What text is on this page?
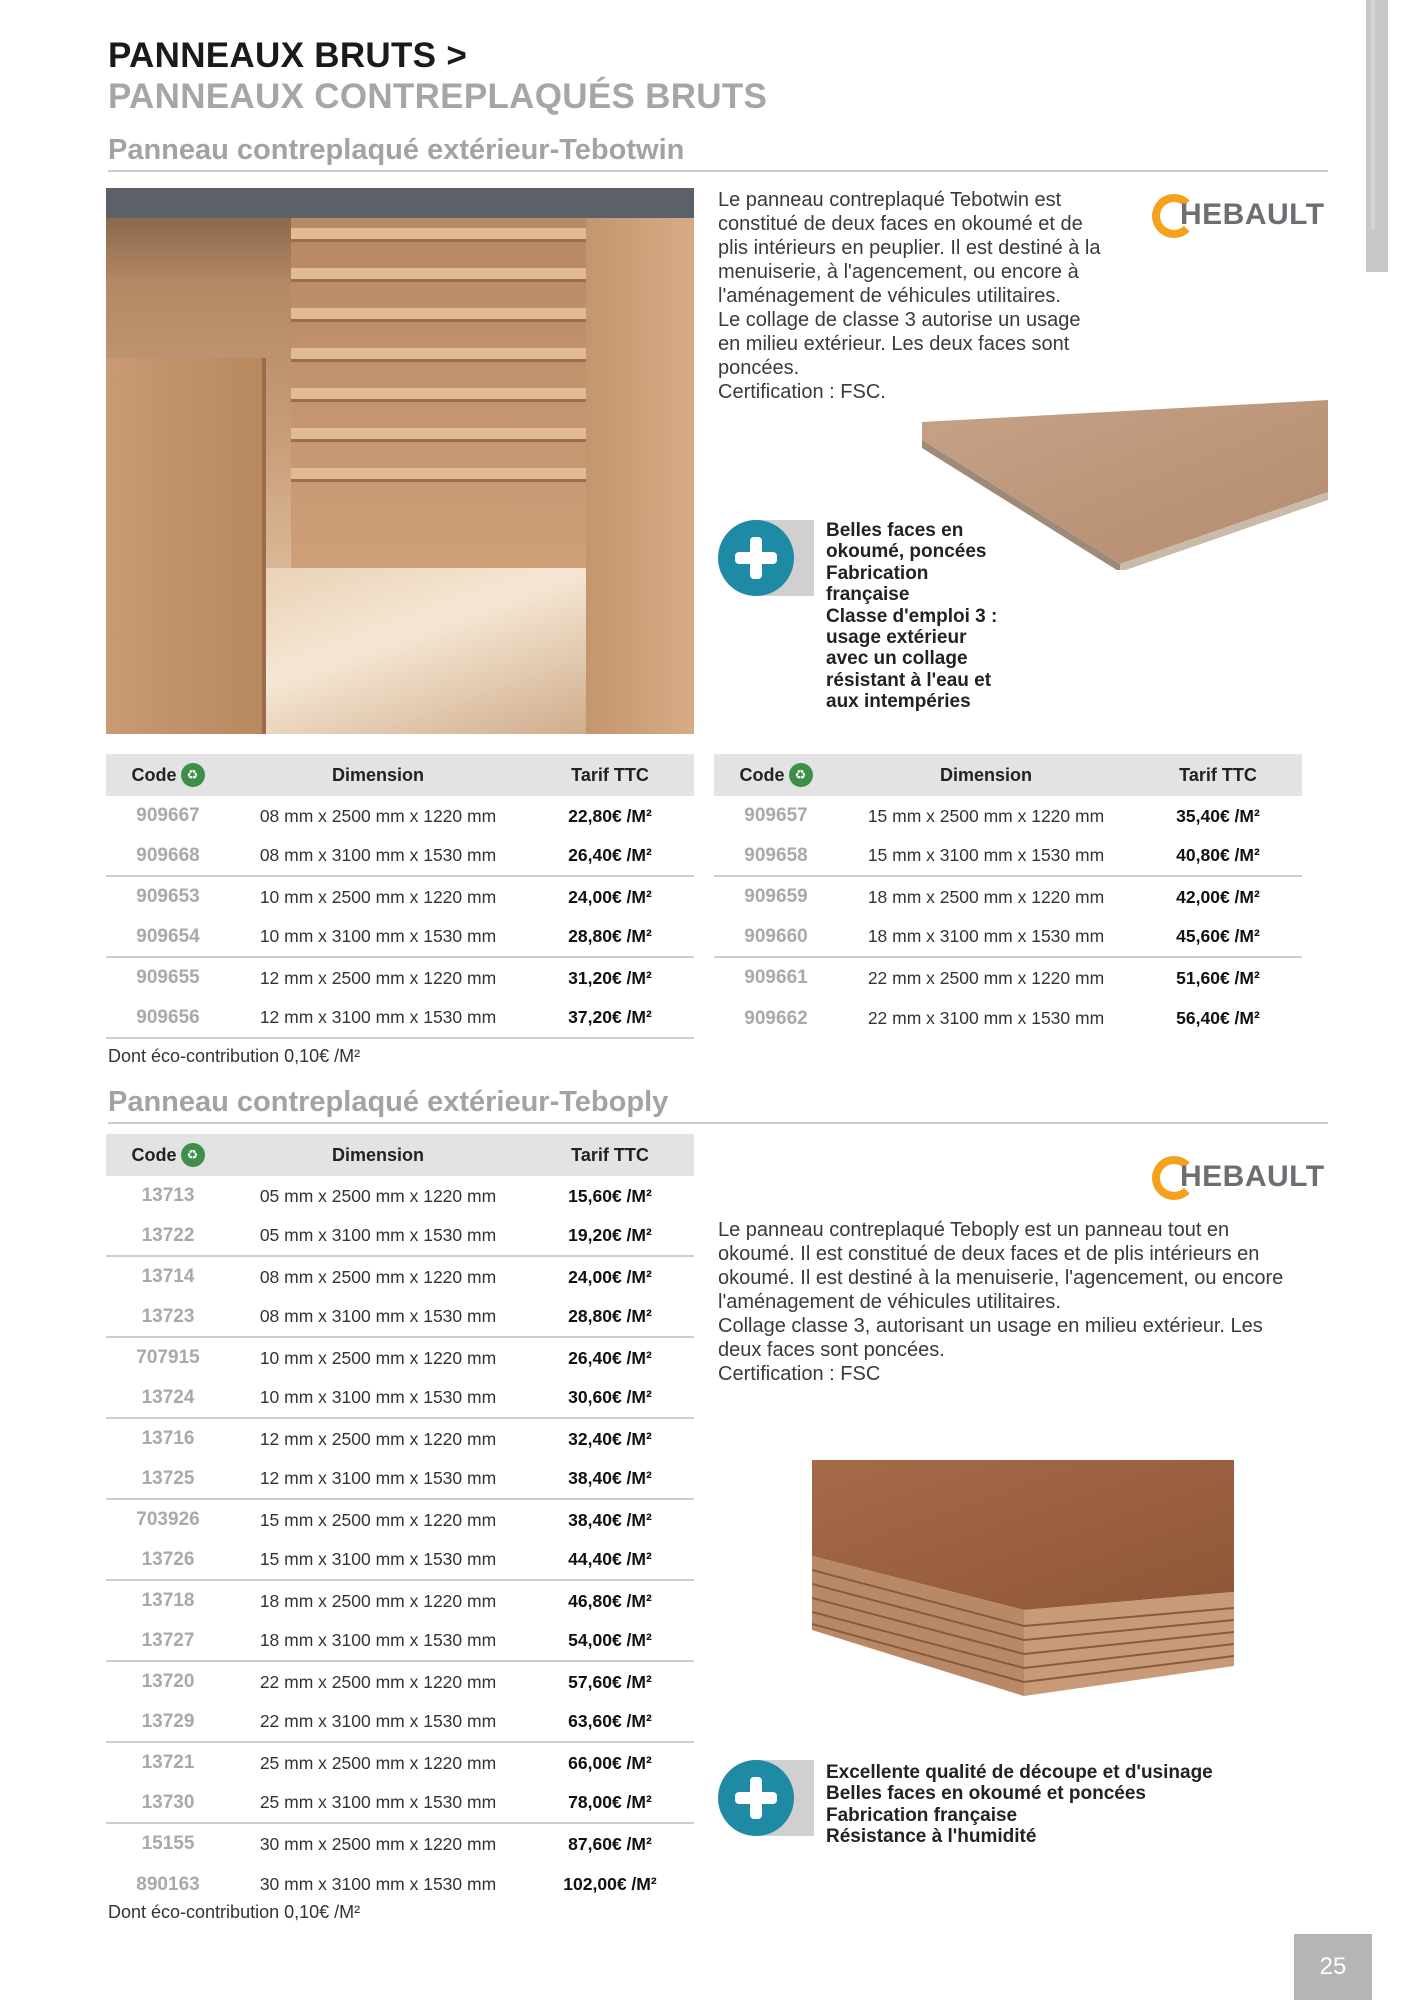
PANNEAUX BRUTS >
PANNEAUX CONTREPLAQUÉS BRUTS
Panneau contreplaqué extérieur-Tebotwin
Le panneau contreplaqué Tebotwin est
constitué de deux faces en okoumé et de
plis intérieurs en peuplier. Il est destiné à la
menuiserie, à l'agencement, ou encore à
l'aménagement de véhicules utilitaires.
Le collage de classe 3 autorise un usage
en milieu extérieur. Les deux faces sont
poncées.
Certification : FSC.
HEBAULT
Belles faces en
okoumé, poncées
Fabrication
française
Classe d'emploi 3 :
usage extérieur
avec un collage
résistant à l'eau et
aux intempéries
Code ♻	Dimension	Tarif TTC
909667	08 mm x 2500 mm x 1220 mm	22,80€ /M²
909668	08 mm x 3100 mm x 1530 mm	26,40€ /M²
909653	10 mm x 2500 mm x 1220 mm	24,00€ /M²
909654	10 mm x 3100 mm x 1530 mm	28,80€ /M²
909655	12 mm x 2500 mm x 1220 mm	31,20€ /M²
909656	12 mm x 3100 mm x 1530 mm	37,20€ /M²
Code ♻	Dimension	Tarif TTC
909657	15 mm x 2500 mm x 1220 mm	35,40€ /M²
909658	15 mm x 3100 mm x 1530 mm	40,80€ /M²
909659	18 mm x 2500 mm x 1220 mm	42,00€ /M²
909660	18 mm x 3100 mm x 1530 mm	45,60€ /M²
909661	22 mm x 2500 mm x 1220 mm	51,60€ /M²
909662	22 mm x 3100 mm x 1530 mm	56,40€ /M²
Dont éco-contribution 0,10€ /M²
Panneau contreplaqué extérieur-Teboply
HEBAULT
Le panneau contreplaqué Teboply est un panneau tout en
okoumé. Il est constitué de deux faces et de plis intérieurs en
okoumé. Il est destiné à la menuiserie, l'agencement, ou encore
l'aménagement de véhicules utilitaires.
Collage classe 3, autorisant un usage en milieu extérieur. Les
deux faces sont poncées.
Certification : FSC
Code ♻	Dimension	Tarif TTC
13713	05 mm x 2500 mm x 1220 mm	15,60€ /M²
13722	05 mm x 3100 mm x 1530 mm	19,20€ /M²
13714	08 mm x 2500 mm x 1220 mm	24,00€ /M²
13723	08 mm x 3100 mm x 1530 mm	28,80€ /M²
707915	10 mm x 2500 mm x 1220 mm	26,40€ /M²
13724	10 mm x 3100 mm x 1530 mm	30,60€ /M²
13716	12 mm x 2500 mm x 1220 mm	32,40€ /M²
13725	12 mm x 3100 mm x 1530 mm	38,40€ /M²
703926	15 mm x 2500 mm x 1220 mm	38,40€ /M²
13726	15 mm x 3100 mm x 1530 mm	44,40€ /M²
13718	18 mm x 2500 mm x 1220 mm	46,80€ /M²
13727	18 mm x 3100 mm x 1530 mm	54,00€ /M²
13720	22 mm x 2500 mm x 1220 mm	57,60€ /M²
13729	22 mm x 3100 mm x 1530 mm	63,60€ /M²
13721	25 mm x 2500 mm x 1220 mm	66,00€ /M²
13730	25 mm x 3100 mm x 1530 mm	78,00€ /M²
15155	30 mm x 2500 mm x 1220 mm	87,60€ /M²
890163	30 mm x 3100 mm x 1530 mm	102,00€ /M²
Dont éco-contribution 0,10€ /M²
Excellente qualité de découpe et d'usinage
Belles faces en okoumé et poncées
Fabrication française
Résistance à l'humidité
25
